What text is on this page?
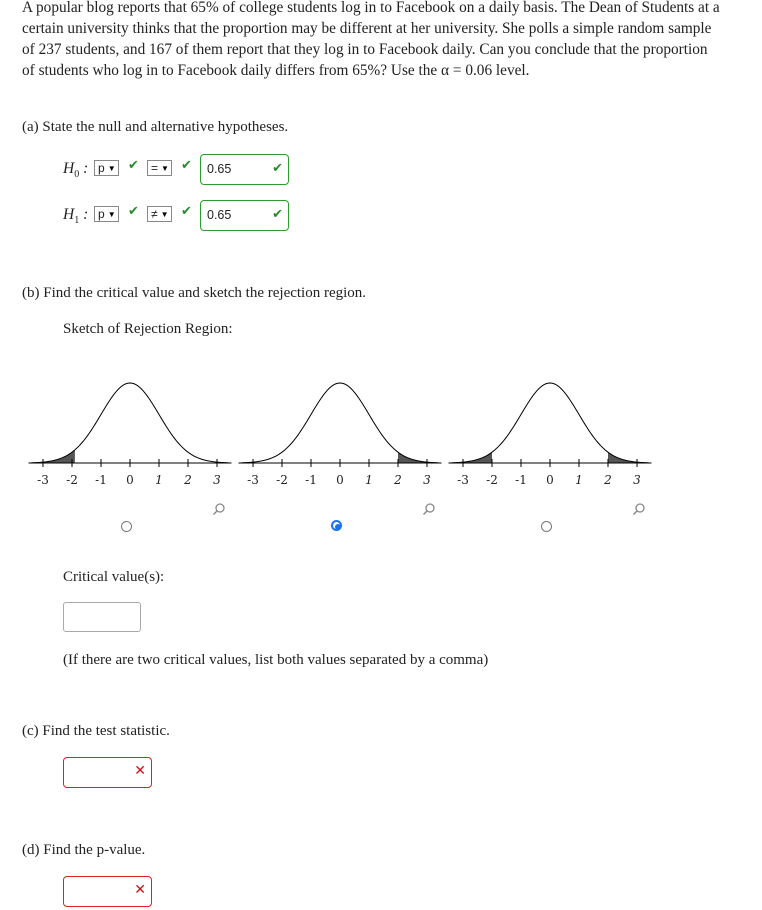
A popular blog reports that 65% of college students log in to Facebook on a daily basis. The Dean of Students at a certain university thinks that the proportion may be different at her university. She polls a simple random sample of 237 students, and 167 of them report that they log in to Facebook daily. Can you conclude that the proportion of students who log in to Facebook daily differs from 65%? Use the α = 0.06 level.
(a) State the null and alternative hypotheses.
$H_0$ : p ▼ ✔ = ▼ ✔	0.65	✔
$H_1$ : p ▼ ✔ ≠ ▼ ✔	0.65	✔
(b) Find the critical value and sketch the rejection region.
Sketch of Rejection Region:
-3 -2 -1 0 1 2 3 -3 -2 -1 0 1 2 3 -3 -2 -1 0 1 2 3
Critical value(s):
(If there are two critical values, list both values separated by a comma)
(c) Find the test statistic.
✕
(d) Find the p-value.
✕
